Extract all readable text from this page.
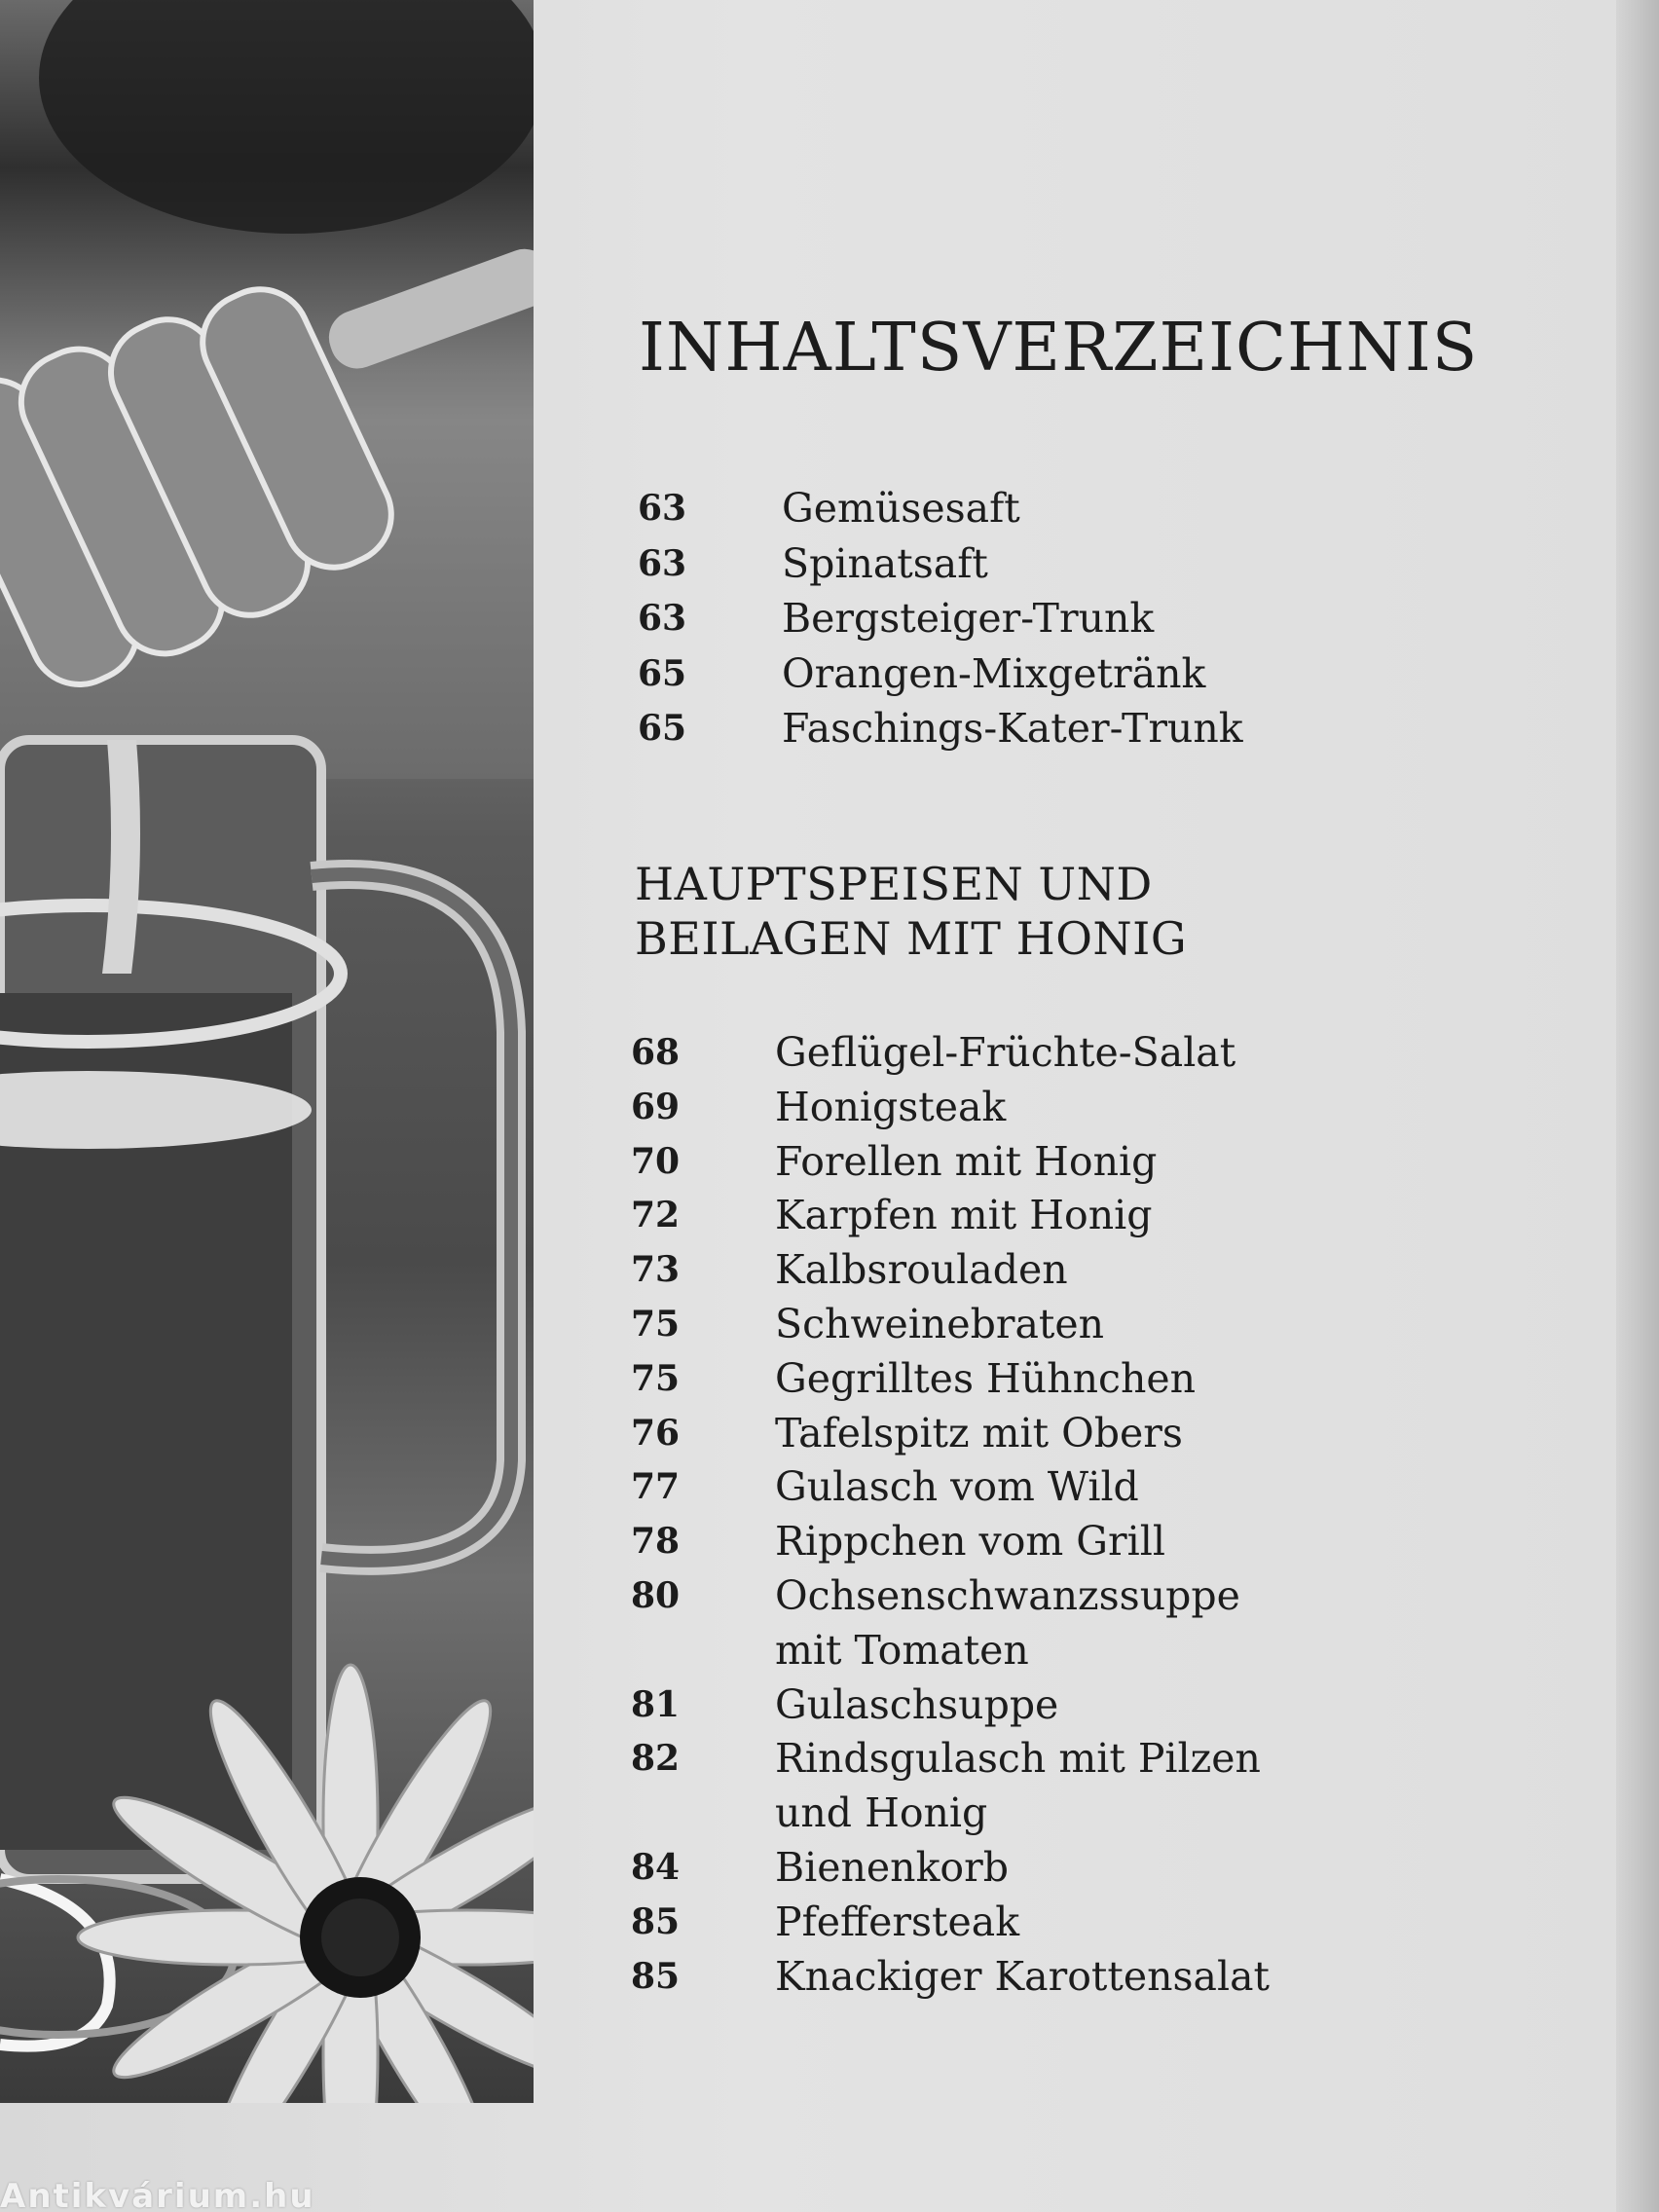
Antikvárium.hu
INHALTSVERZEICHNIS
63	Gemüsesaft
63	Spinatsaft
63	Bergsteiger-Trunk
65	Orangen-Mixgetränk
65	Faschings-Kater-Trunk
HAUPTSPEISEN UND
BEILAGEN MIT HONIG
68	Geflügel-Früchte-Salat
69	Honigsteak
70	Forellen mit Honig
72	Karpfen mit Honig
73	Kalbsrouladen
75	Schweinebraten
75	Gegrilltes Hühnchen
76	Tafelspitz mit Obers
77	Gulasch vom Wild
78	Rippchen vom Grill
80	Ochsenschwanzssuppe
mit Tomaten
81	Gulaschsuppe
82	Rindsgulasch mit Pilzen
und Honig
84	Bienenkorb
85	Pfeffersteak
85	Knackiger Karottensalat
